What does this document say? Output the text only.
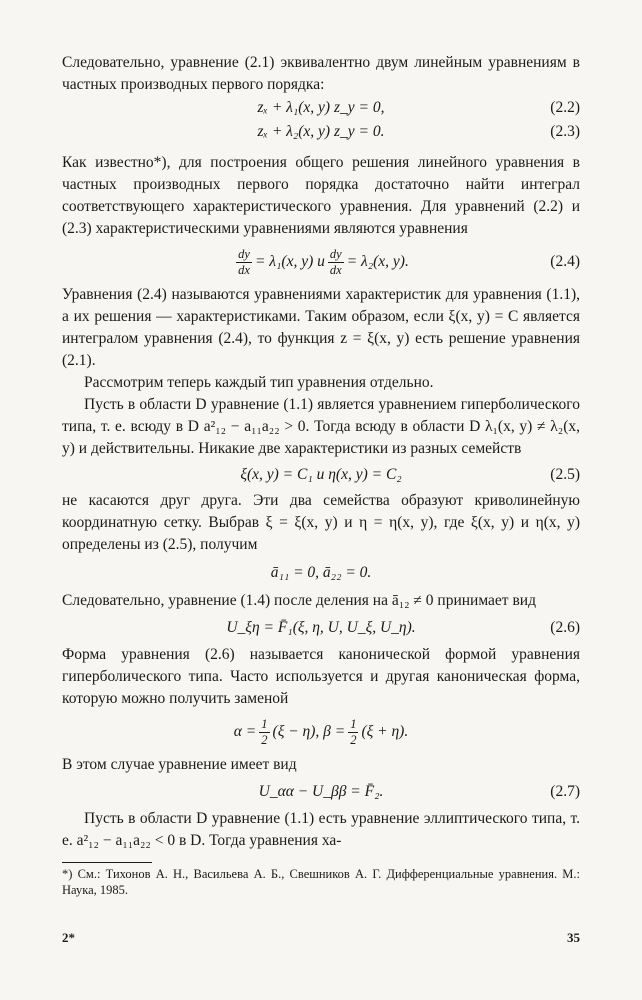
Следовательно, уравнение (2.1) эквивалентно двум линейным уравнениям в частных производных первого порядка:

zₓ + λ₁(x, y) z_y = 0,	(2.2)
zₓ + λ₂(x, y) z_y = 0.	(2.3)

Как известно*), для построения общего решения линейного уравнения в частных производных первого порядка достаточно найти интеграл соответствующего характеристического уравнения. Для уравнений (2.2) и (2.3) характеристическими уравнениями являются уравнения

$\frac{dy}{dx} = \lambda_1(x$, y) и $\frac{dy}{dx} = \lambda_2(x$, y).	(2.4)

Уравнения (2.4) называются уравнениями характеристик для уравнения (1.1), а их решения — характеристиками. Таким образом, если ξ(x, y) = C является интегралом уравнения (2.4), то функция z = ξ(x, y) есть решение уравнения (2.1).

Рассмотрим теперь каждый тип уравнения отдельно.

Пусть в области D уравнение (1.1) является уравнением гиперболического типа, т. е. всюду в D a²₁₂ − a₁₁a₂₂ > 0. Тогда всюду в области D λ₁(x, y) ≠ λ₂(x, y) и действительны. Никакие две характеристики из разных семейств

ξ(x, y) = C₁ и η(x, y) = C₂	(2.5)

не касаются друг друга. Эти два семейства образуют криволинейную координатную сетку. Выбрав ξ = ξ(x, y) и η = η(x, y), где ξ(x, y) и η(x, y) определены из (2.5), получим

ā₁₁ = 0, ā₂₂ = 0.

Следовательно, уравнение (1.4) после деления на ā₁₂ ≠ 0 принимает вид

U_ξη = F̄₁(ξ, η, U, U_ξ, U_η).	(2.6)

Форма уравнения (2.6) называется канонической формой уравнения гиперболического типа. Часто используется и другая каноническая форма, которую можно получить заменой

$\alpha = \frac{1}{2} (\xi - \eta)$, $\beta = \frac{1}{2} (\xi + \eta)$.

В этом случае уравнение имеет вид

U_αα − U_ββ = F̄₂.	(2.7)

Пусть в области D уравнение (1.1) есть уравнение эллиптического типа, т. е. a²₁₂ − a₁₁a₂₂ < 0 в D. Тогда уравнения ха-

*) См.: Тихонов А. Н., Васильева А. Б., Свешников А. Г. Дифференциальные уравнения. М.: Наука, 1985.

2*	35
